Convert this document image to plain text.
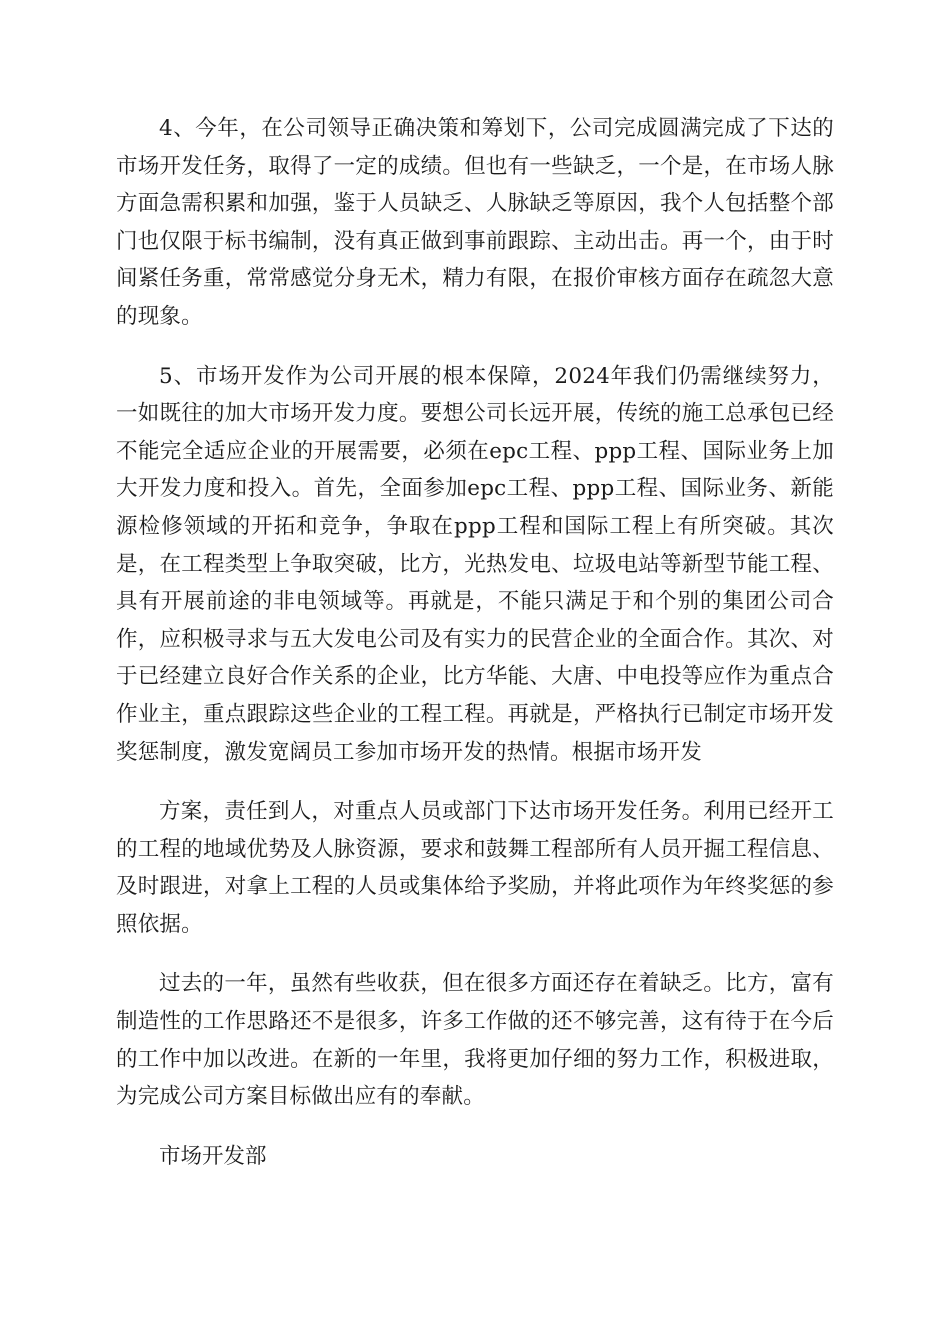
4、今年，在公司领导正确决策和筹划下，公司完成圆满完成了下达的市场开发任务，取得了一定的成绩。但也有一些缺乏，一个是，在市场人脉方面急需积累和加强，鉴于人员缺乏、人脉缺乏等原因，我个人包括整个部门也仅限于标书编制，没有真正做到事前跟踪、主动出击。再一个，由于时间紧任务重，常常感觉分身无术，精力有限，在报价审核方面存在疏忽大意的现象。

5、市场开发作为公司开展的根本保障，2024年我们仍需继续努力，一如既往的加大市场开发力度。要想公司长远开展，传统的施工总承包已经不能完全适应企业的开展需要，必须在epc工程、ppp工程、国际业务上加大开发力度和投入。首先，全面参加epc工程、ppp工程、国际业务、新能源检修领域的开拓和竞争，争取在ppp工程和国际工程上有所突破。其次是，在工程类型上争取突破，比方，光热发电、垃圾电站等新型节能工程、具有开展前途的非电领域等。再就是，不能只满足于和个别的集团公司合作，应积极寻求与五大发电公司及有实力的民营企业的全面合作。其次、对于已经建立良好合作关系的企业，比方华能、大唐、中电投等应作为重点合作业主，重点跟踪这些企业的工程工程。再就是，严格执行已制定市场开发奖惩制度，激发宽阔员工参加市场开发的热情。根据市场开发

方案，责任到人，对重点人员或部门下达市场开发任务。利用已经开工的工程的地域优势及人脉资源，要求和鼓舞工程部所有人员开掘工程信息、及时跟进，对拿上工程的人员或集体给予奖励，并将此项作为年终奖惩的参照依据。

过去的一年，虽然有些收获，但在很多方面还存在着缺乏。比方，富有制造性的工作思路还不是很多，许多工作做的还不够完善，这有待于在今后的工作中加以改进。在新的一年里，我将更加仔细的努力工作，积极进取，为完成公司方案目标做出应有的奉献。

市场开发部
